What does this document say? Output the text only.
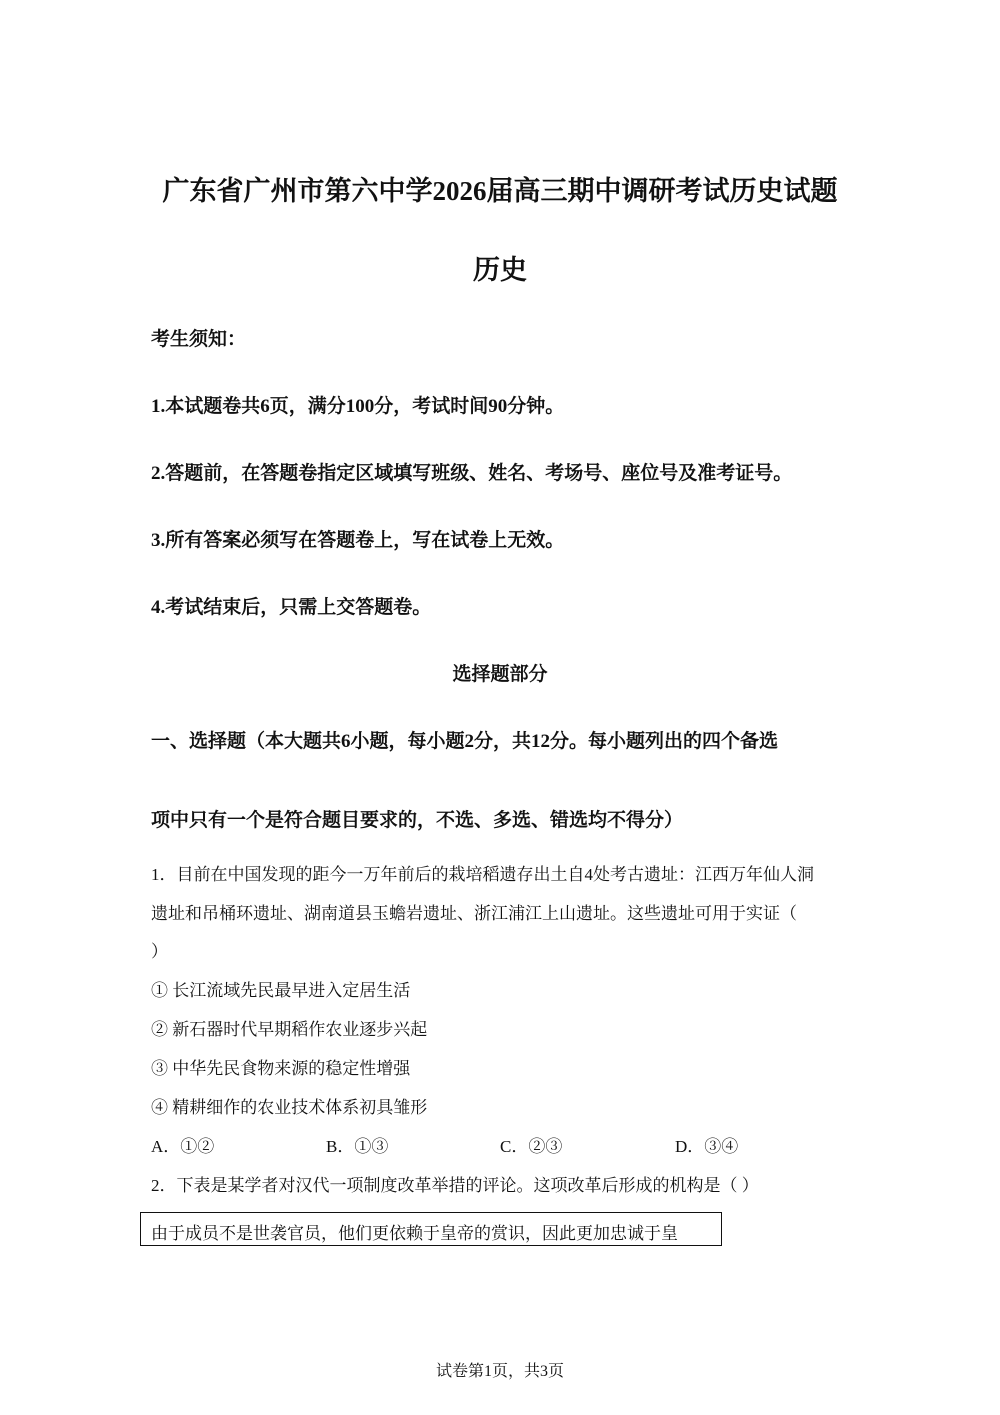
广东省广州市第六中学2026届高三期中调研考试历史试题
历史
考生须知：
1.本试题卷共6页，满分100分，考试时间90分钟。
2.答题前，在答题卷指定区域填写班级、姓名、考场号、座位号及准考证号。
3.所有答案必须写在答题卷上，写在试卷上无效。
4.考试结束后，只需上交答题卷。
选择题部分
一、选择题（本大题共6小题，每小题2分，共12分。每小题列出的四个备选
项中只有一个是符合题目要求的，不选、多选、错选均不得分）
1．目前在中国发现的距今一万年前后的栽培稻遗存出土自4处考古遗址：江西万年仙人洞
遗址和吊桶环遗址、湖南道县玉蟾岩遗址、浙江浦江上山遗址。这些遗址可用于实证（
）
① 长江流域先民最早进入定居生活
② 新石器时代早期稻作农业逐步兴起
③ 中华先民食物来源的稳定性增强
④ 精耕细作的农业技术体系初具雏形
A．①②	B．①③	C．②③	D．③④
2．下表是某学者对汉代一项制度改革举措的评论。这项改革后形成的机构是（ ）
由于成员不是世袭官员，他们更依赖于皇帝的赏识，因此更加忠诚于皇
试卷第1页，共3页
